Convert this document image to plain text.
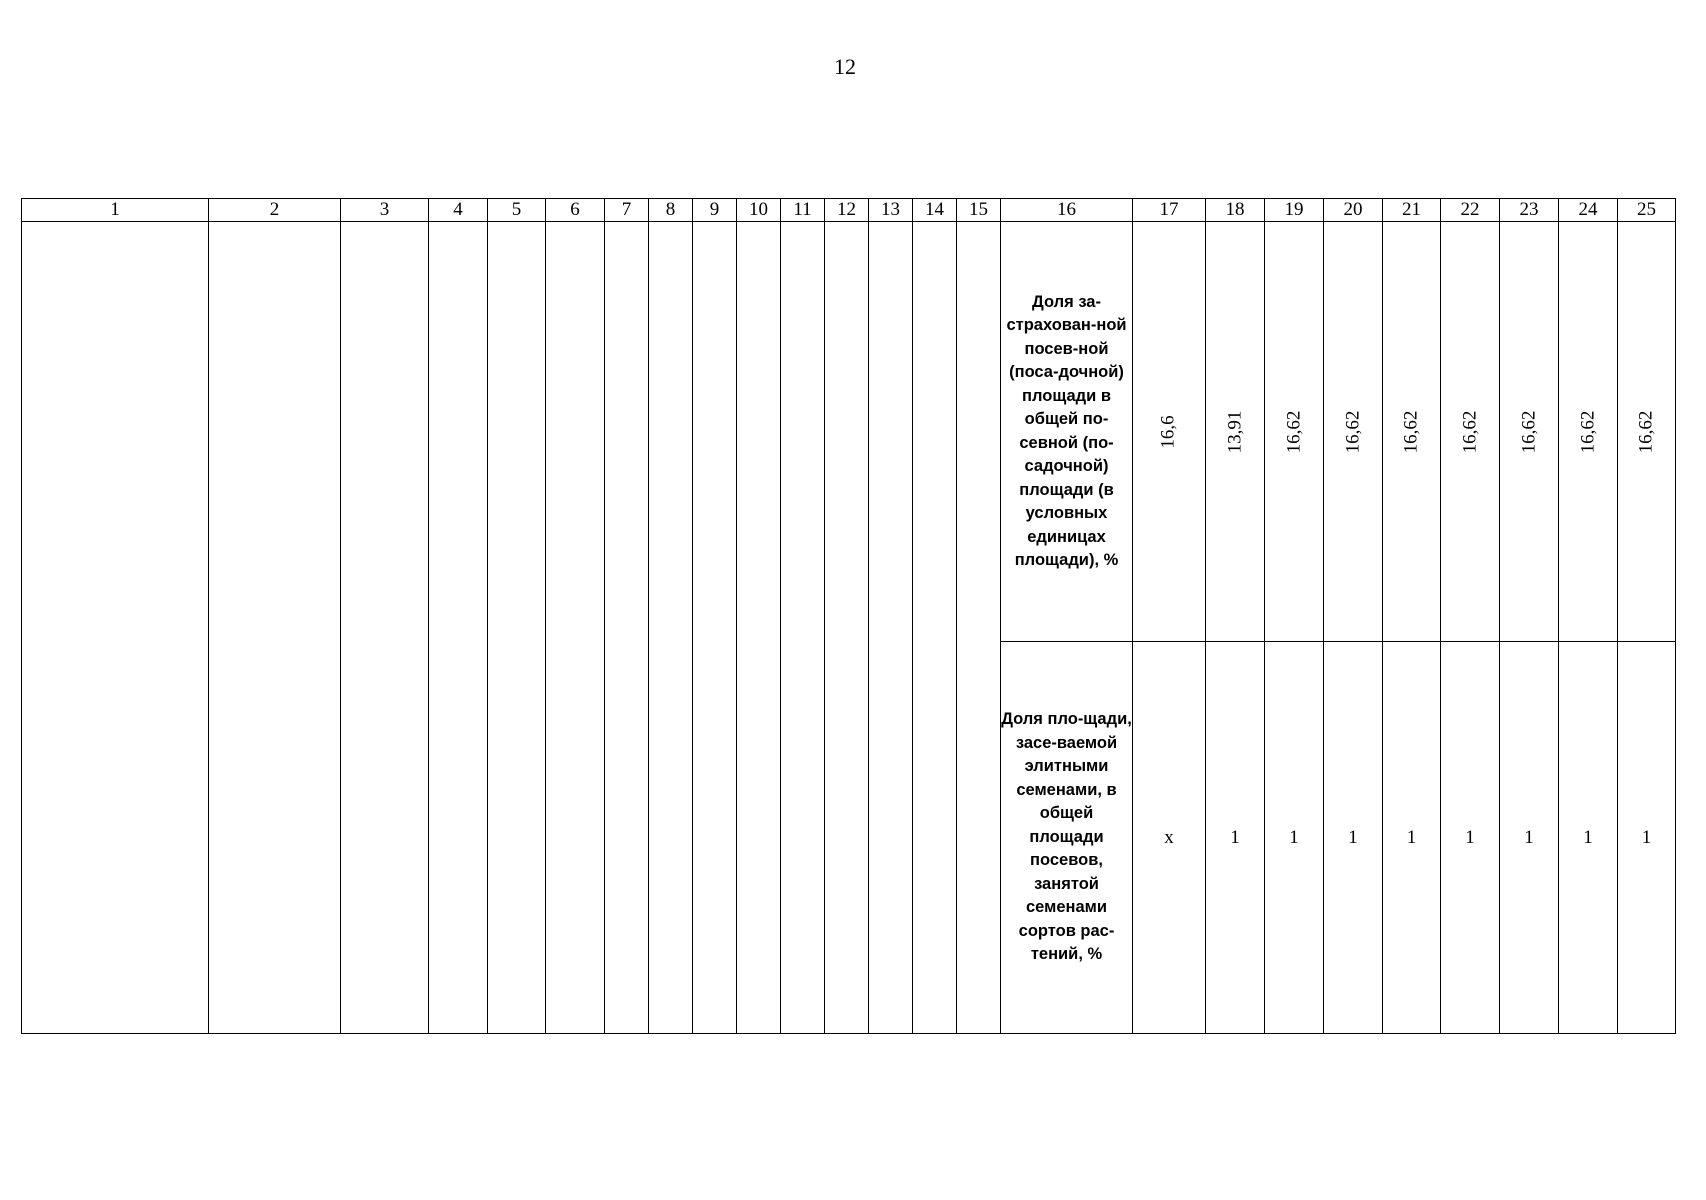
12
1	2	3	4	5	6	7	8	9	10	11	12	13	14	15	16	17	18	19	20	21	22	23	24	25
															Доля за-страхован-ной посев-ной (поса-дочной) площади в общей по-севной (по-садочной) площади (в условных единицах площади), %	16,6	13,91	16,62	16,62	16,62	16,62	16,62	16,62	16,62
															Доля пло-щади, засе-ваемой элитными семенами, в общей площади посевов, занятой семенами сортов рас-тений, %	x	1	1	1	1	1	1	1	1
